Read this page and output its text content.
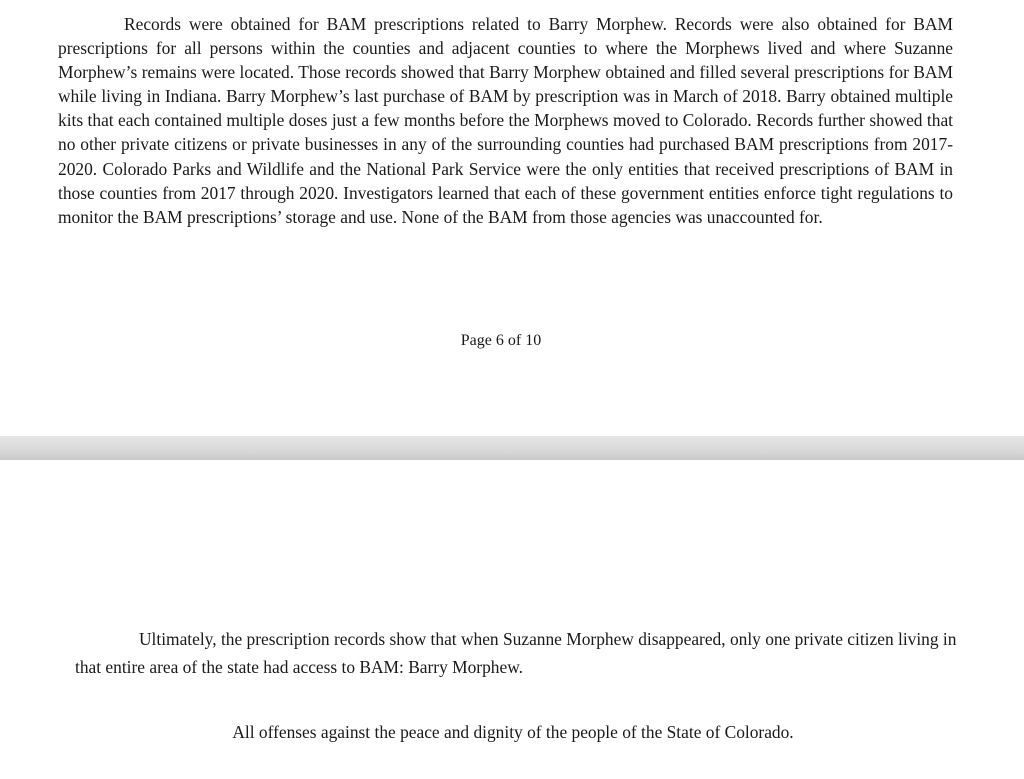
Records were obtained for BAM prescriptions related to Barry Morphew. Records were also obtained for BAM prescriptions for all persons within the counties and adjacent counties to where the Morphews lived and where Suzanne Morphew’s remains were located. Those records showed that Barry Morphew obtained and filled several prescriptions for BAM while living in Indiana. Barry Morphew’s last purchase of BAM by prescription was in March of 2018. Barry obtained multiple kits that each contained multiple doses just a few months before the Morphews moved to Colorado. Records further showed that no other private citizens or private businesses in any of the surrounding counties had purchased BAM prescriptions from 2017-2020. Colorado Parks and Wildlife and the National Park Service were the only entities that received prescriptions of BAM in those counties from 2017 through 2020. Investigators learned that each of these government entities enforce tight regulations to monitor the BAM prescriptions’ storage and use. None of the BAM from those agencies was unaccounted for.

Page 6 of 10

Ultimately, the prescription records show that when Suzanne Morphew disappeared, only one private citizen living in that entire area of the state had access to BAM: Barry Morphew.

All offenses against the peace and dignity of the people of the State of Colorado.
